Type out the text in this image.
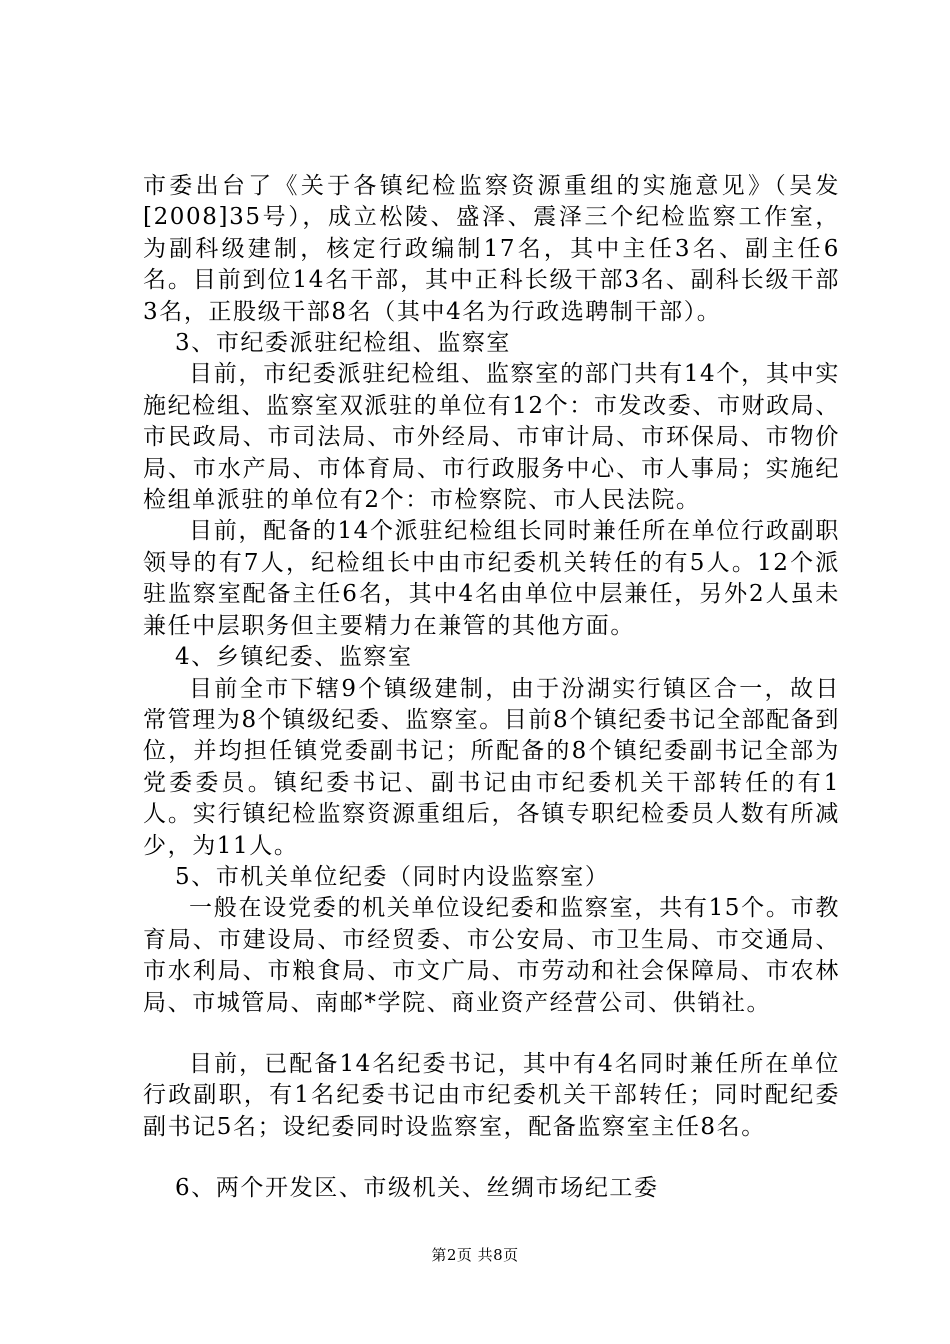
市委出台了《关于各镇纪检监察资源重组的实施意见》（吴发[2008]35号），成立松陵、盛泽、震泽三个纪检监察工作室，为副科级建制，核定行政编制17名，其中主任3名、副主任6名。目前到位14名干部，其中正科长级干部3名、副科长级干部3名，正股级干部8名（其中4名为行政选聘制干部）。

3、市纪委派驻纪检组、监察室

目前，市纪委派驻纪检组、监察室的部门共有14个，其中实施纪检组、监察室双派驻的单位有12个：市发改委、市财政局、市民政局、市司法局、市外经局、市审计局、市环保局、市物价局、市水产局、市体育局、市行政服务中心、市人事局；实施纪检组单派驻的单位有2个：市检察院、市人民法院。

目前，配备的14个派驻纪检组长同时兼任所在单位行政副职领导的有7人，纪检组长中由市纪委机关转任的有5人。12个派驻监察室配备主任6名，其中4名由单位中层兼任，另外2人虽未兼任中层职务但主要精力在兼管的其他方面。

4、乡镇纪委、监察室

目前全市下辖9个镇级建制，由于汾湖实行镇区合一，故日常管理为8个镇级纪委、监察室。目前8个镇纪委书记全部配备到位，并均担任镇党委副书记；所配备的8个镇纪委副书记全部为党委委员。镇纪委书记、副书记由市纪委机关干部转任的有1人。实行镇纪检监察资源重组后，各镇专职纪检委员人数有所减少，为11人。

5、市机关单位纪委（同时内设监察室）

一般在设党委的机关单位设纪委和监察室，共有15个。市教育局、市建设局、市经贸委、市公安局、市卫生局、市交通局、市水利局、市粮食局、市文广局、市劳动和社会保障局、市农林局、市城管局、南邮*学院、商业资产经营公司、供销社。

目前，已配备14名纪委书记，其中有4名同时兼任所在单位行政副职，有1名纪委书记由市纪委机关干部转任；同时配纪委副书记5名；设纪委同时设监察室，配备监察室主任8名。

6、两个开发区、市级机关、丝绸市场纪工委

第2页 共8页
